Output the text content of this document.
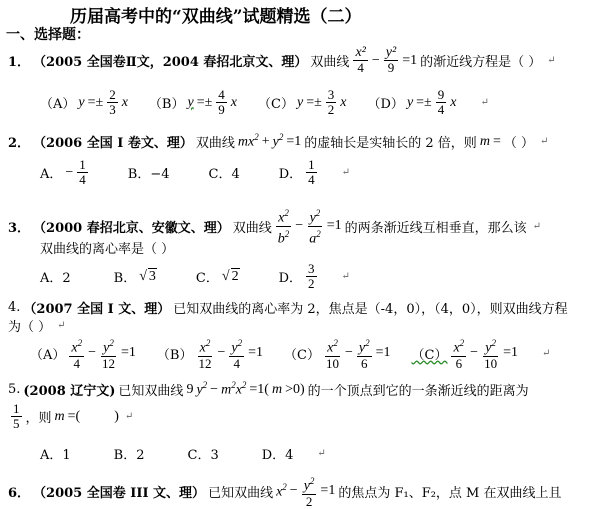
历届高考中的“双曲线”试题精选（二）
一、选择题：
1． （2005 全国卷Ⅱ文，2004 春招北京文、理） 双曲线 $\frac{\text{x²}}{4} - \frac{\text{y²}}{9} =1$ 的渐近线方程是（ ） ↵
（A） $y =\pm \frac{2}{3}$ x （B） $y =\pm \frac{4}{9}$ x （C） $y =\pm \frac{3}{2}$ x （D） $y =\pm \frac{9}{4}$ x ↵
2． （2006 全国 I 卷文、理） 双曲线 $mx^2 + y^2 =1$ 的虚轴长是实轴长的 2 倍，则 m = （ ） ↵
A． − $\frac{1}{4}$	B．−4	C．4	D． $\frac{1}{4}$	↵
3． （2000 春招北京、安徽文、理） 双曲线 $\frac{x^2}{b^2} - \frac{y^2}{a^2} =1$ 的两条渐近线互相垂直，那么该 ↵
双曲线的离心率是（ ）
A．2	B． √ 3	C． √ 2	D． $\frac{3}{2}$	↵
4. （2007 全国 I 文、理） 已知双曲线的离心率为 2，焦点是（-4，0），（4，0），则双曲线方程
为（ ） ↵
$(A) \frac{x^2}{4} - \frac{y^2}{12} =1$ $(B) \frac{x^2}{12} - \frac{y^2}{4} =1$ $(C) \frac{x^2}{10} - \frac{y^2}{6} =1$ $(C) \frac{x^2}{6} - \frac{y^2}{10} =1$ ↵
5. (2008 辽宁文) 已知双曲线 9 $y^2 - m^2x^2 =1$( m >0) 的一个顶点到它的一条渐近线的距离为
$\frac{1}{5}$ ，则 m =( ) ↵
A．1	B．2	C．3	D．4 ↵
6． （2005 全国卷 III 文、理） 已知双曲线 $x^2 - \frac{y^2}{2} =1$ 的焦点为 F₁、F₂，点 M 在双曲线上且
